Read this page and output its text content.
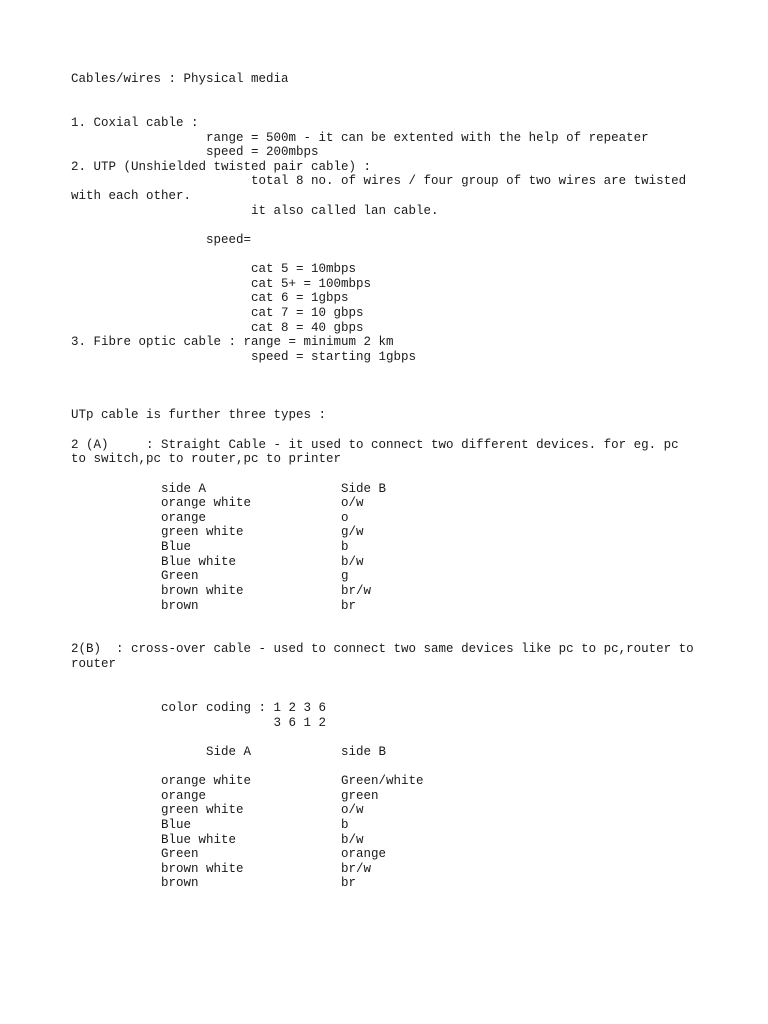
Cables/wires : Physical media
1. Coxial cable :
range = 500m - it can be extented with the help of repeater
speed = 200mbps
2. UTP (Unshielded twisted pair cable) :
total 8 no. of wires / four group of two wires are twisted
with each other.
it also called lan cable.
speed=
cat 5 = 10mbps
cat 5+ = 100mbps
cat 6 = 1gbps
cat 7 = 10 gbps
cat 8 = 40 gbps
3. Fibre optic cable : range = minimum 2 km
speed = starting 1gbps
UTp cable is further three types :
2 (A)     : Straight Cable - it used to connect two different devices. for eg. pc
to switch,pc to router,pc to printer
side A                  Side B
orange white            o/w
orange                  o
green white             g/w
Blue                    b
Blue white              b/w
Green                   g
brown white             br/w
brown                   br
2(B)  : cross-over cable - used to connect two same devices like pc to pc,router to
router
color coding : 1 2 3 6
3 6 1 2
Side A            side B
orange white            Green/white
orange                  green
green white             o/w
Blue                    b
Blue white              b/w
Green                   orange
brown white             br/w
brown                   br
